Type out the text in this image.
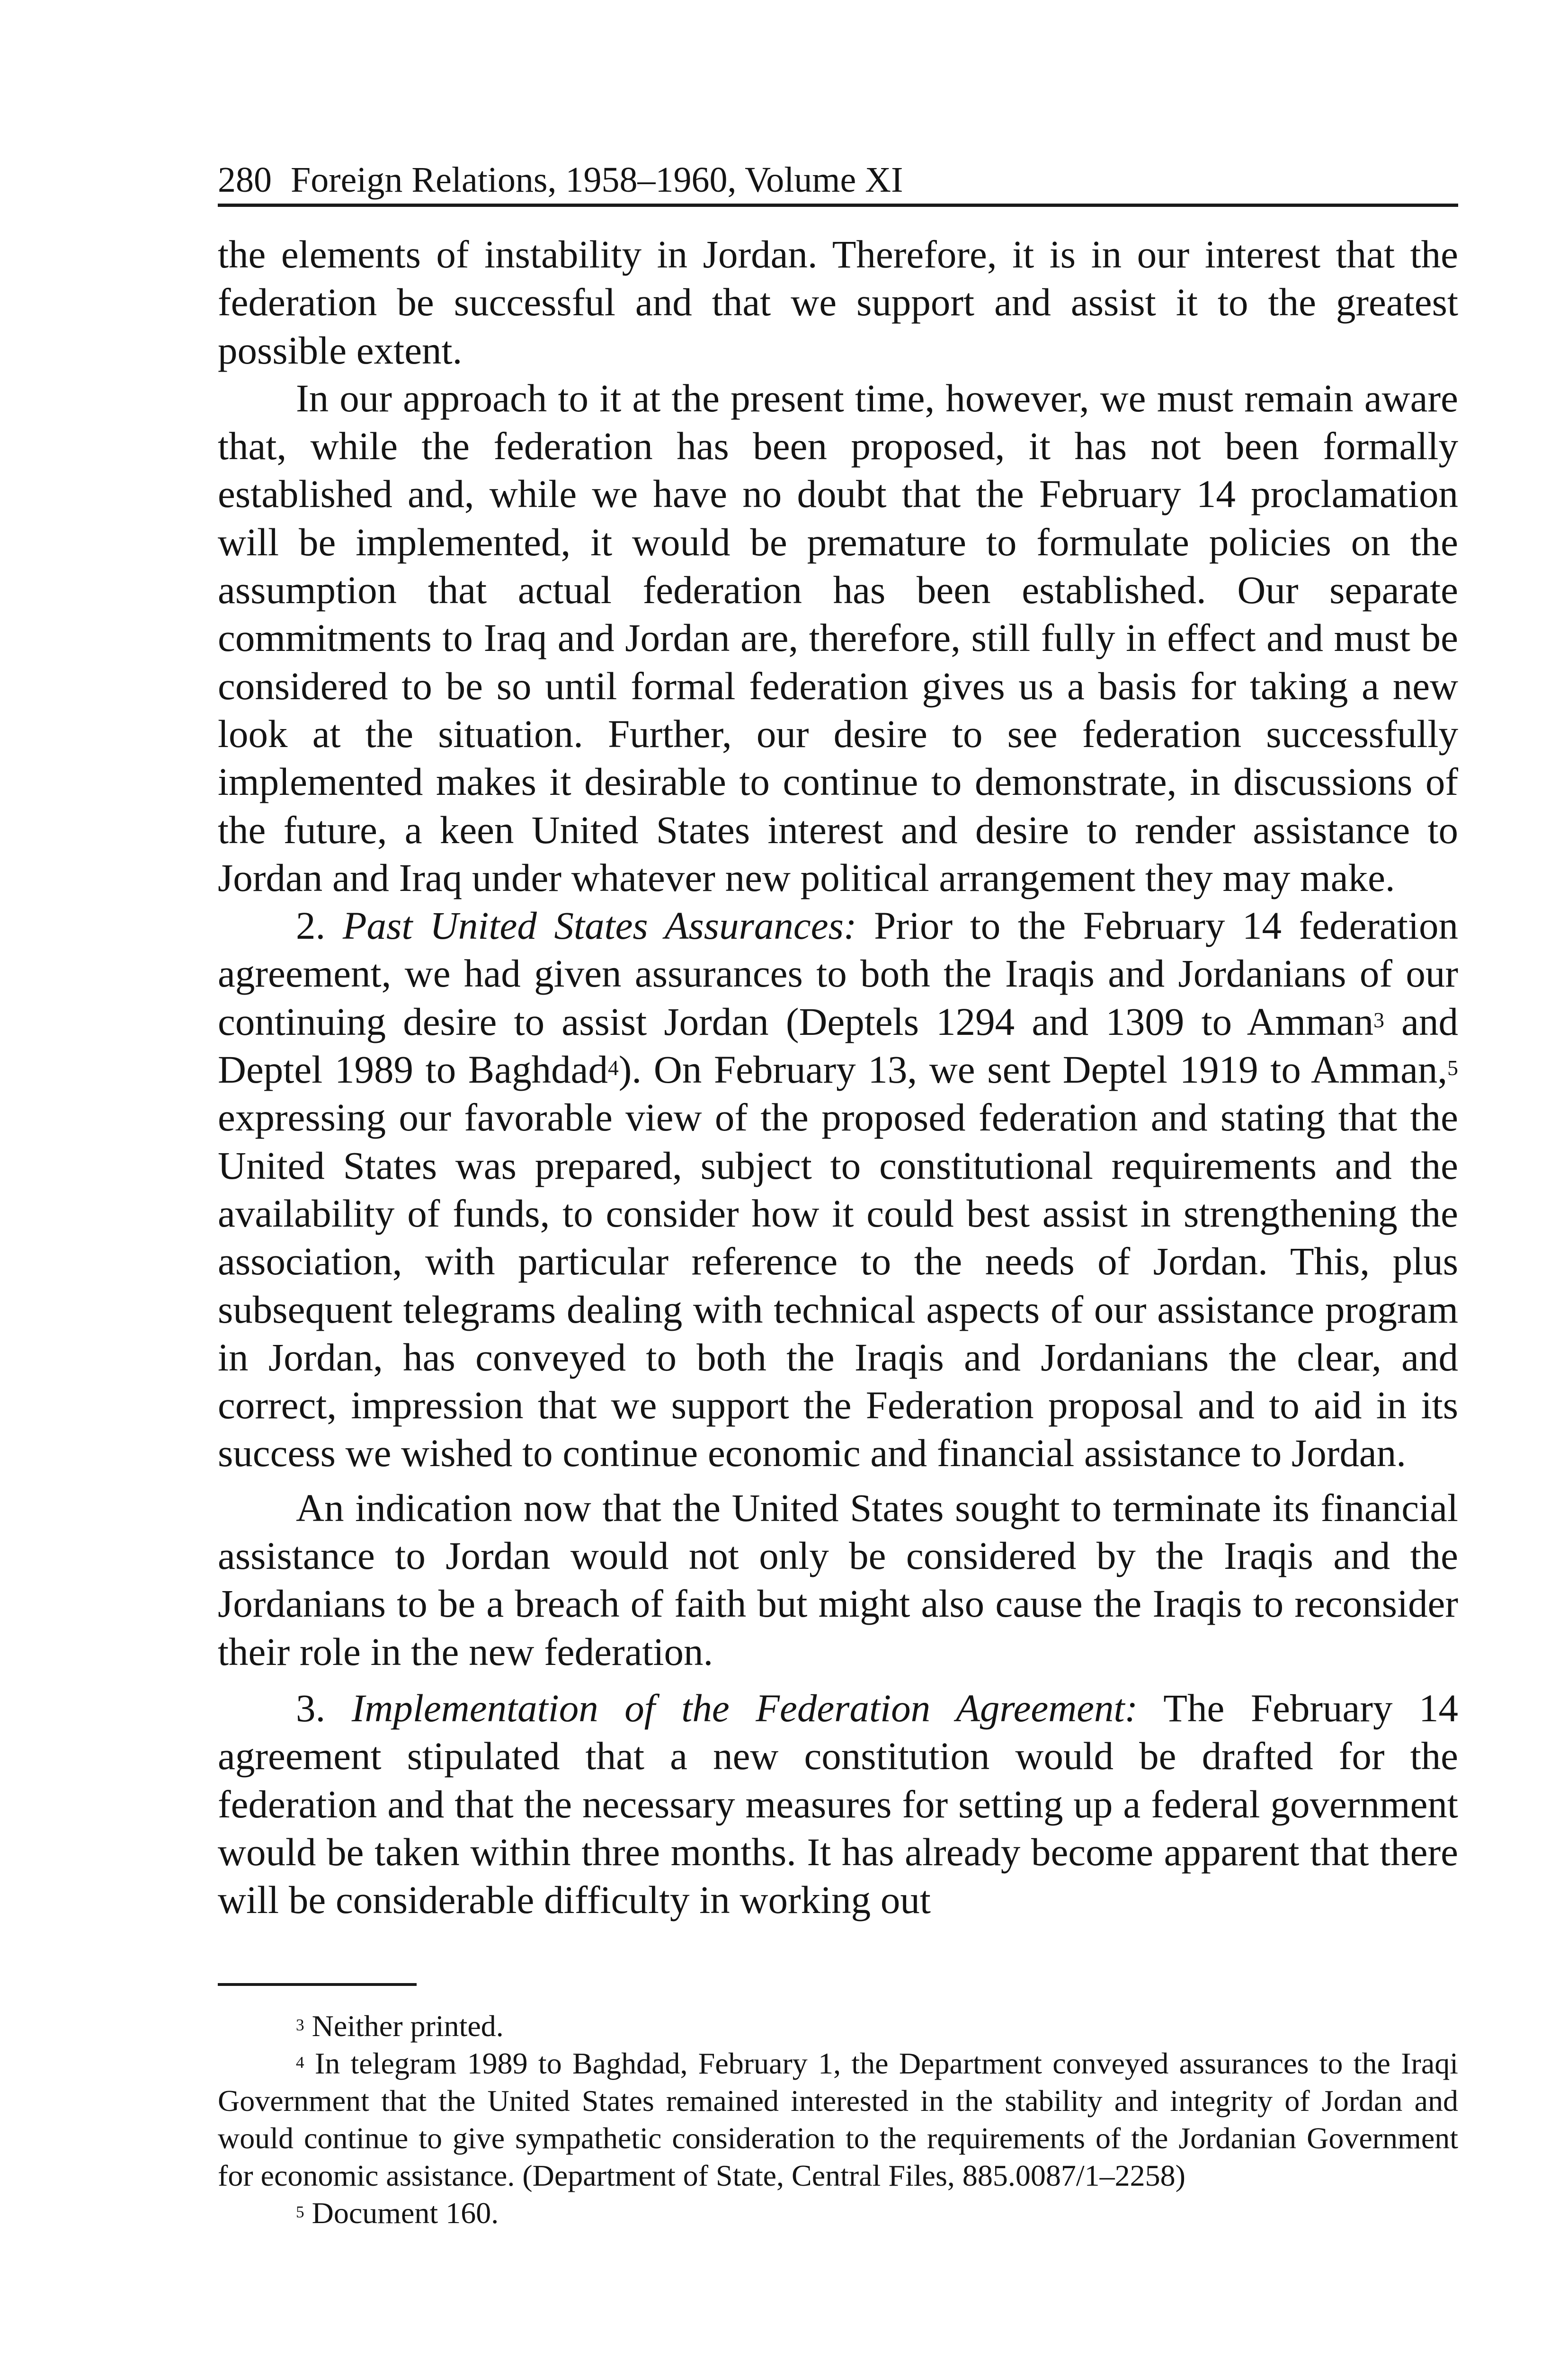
280 Foreign Relations, 1958–1960, Volume XI

the elements of instability in Jordan. Therefore, it is in our interest that the federation be successful and that we support and assist it to the greatest possible extent.

In our approach to it at the present time, however, we must remain aware that, while the federation has been proposed, it has not been formally established and, while we have no doubt that the February 14 proclamation will be implemented, it would be premature to formulate policies on the assumption that actual federation has been established. Our separate commitments to Iraq and Jordan are, therefore, still fully in effect and must be considered to be so until formal federation gives us a basis for taking a new look at the situation. Further, our desire to see federation successfully implemented makes it desirable to continue to demonstrate, in discussions of the future, a keen United States interest and desire to render assistance to Jordan and Iraq under whatever new political arrangement they may make.

2. Past United States Assurances: Prior to the February 14 federation agreement, we had given assurances to both the Iraqis and Jordanians of our continuing desire to assist Jordan (Deptels 1294 and 1309 to Amman$^3$ and Deptel 1989 to Baghdad$^4$). On February 13, we sent Deptel 1919 to Amman,$^5$ expressing our favorable view of the proposed federation and stating that the United States was prepared, subject to constitutional requirements and the availability of funds, to consider how it could best assist in strengthening the association, with particular reference to the needs of Jordan. This, plus subsequent telegrams dealing with technical aspects of our assistance program in Jordan, has conveyed to both the Iraqis and Jordanians the clear, and correct, impression that we support the Federation proposal and to aid in its success we wished to continue economic and financial assistance to Jordan.

An indication now that the United States sought to terminate its financial assistance to Jordan would not only be considered by the Iraqis and the Jordanians to be a breach of faith but might also cause the Iraqis to reconsider their role in the new federation.

3. Implementation of the Federation Agreement: The February 14 agreement stipulated that a new constitution would be drafted for the federation and that the necessary measures for setting up a federal government would be taken within three months. It has already become apparent that there will be considerable difficulty in working out

$^3$ Neither printed.

$^4$ In telegram 1989 to Baghdad, February 1, the Department conveyed assurances to the Iraqi Government that the United States remained interested in the stability and integrity of Jordan and would continue to give sympathetic consideration to the requirements of the Jordanian Government for economic assistance. (Department of State, Central Files, 885.0087/1–2258)

$^5$ Document 160.
